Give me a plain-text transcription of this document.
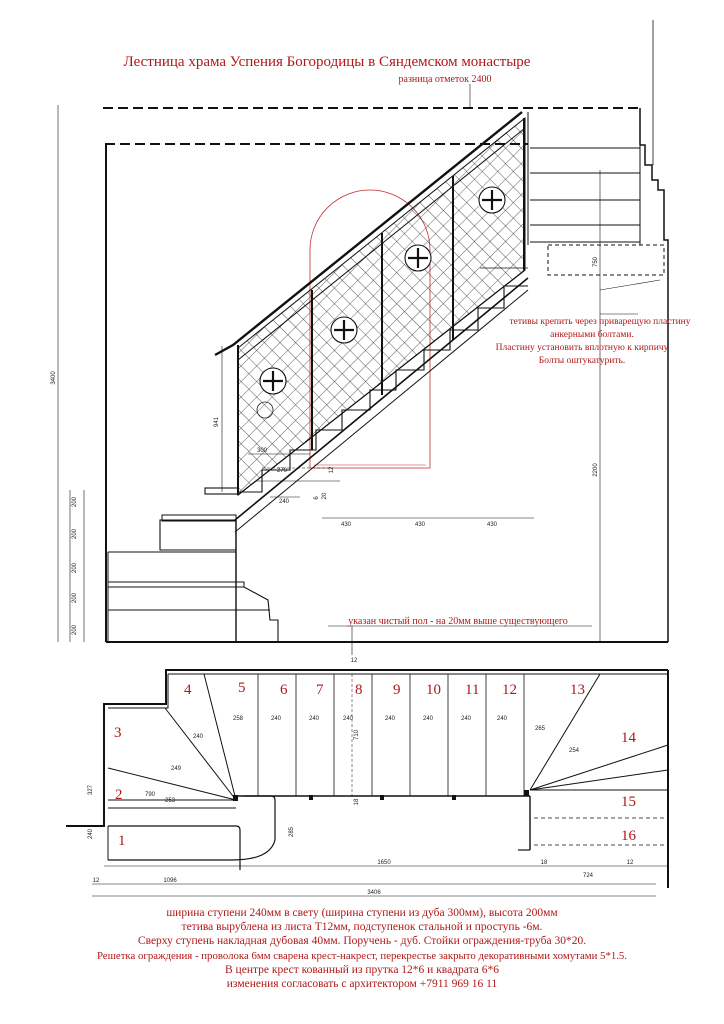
Лестница храма Успения Богородицы в Сяндемском монастыре
разница отметок 2400
3400
200
200
200
200
200
941
2200
750
300
270
240
6 20
12
430	430	430
тетивы крепить через приварещую пластину
анкерными болтами.
Пластину установить вплотную к кирпичу
Болты оштукатурить.
указан чистый пол - на 20мм выше существующего
1
2
3
4	5 6 7 8 9 10 11 12	13
14
15
16
12
258	240	240	240	240	240	240	240
710
18
240
249
253
790
327
240	285
265
254
12	1096
1650	18
724
12
3406
ширина ступени 240мм в свету (ширина ступени из дуба 300мм), высота 200мм
тетива вырублена из листа Т12мм, подступенок стальной и проступь -6м.
Сверху ступень накладная дубовая 40мм. Поручень - дуб. Стойки ограждения-труба 30*20.
Решетка ограждения - проволока 6мм сварена крест-накрест, перекрестье закрыто декоративными хомутами 5*1.5.
В центре крест кованный из прутка 12*6 и квадрата 6*6
изменения согласовать с архитектором +7911 969 16 11
